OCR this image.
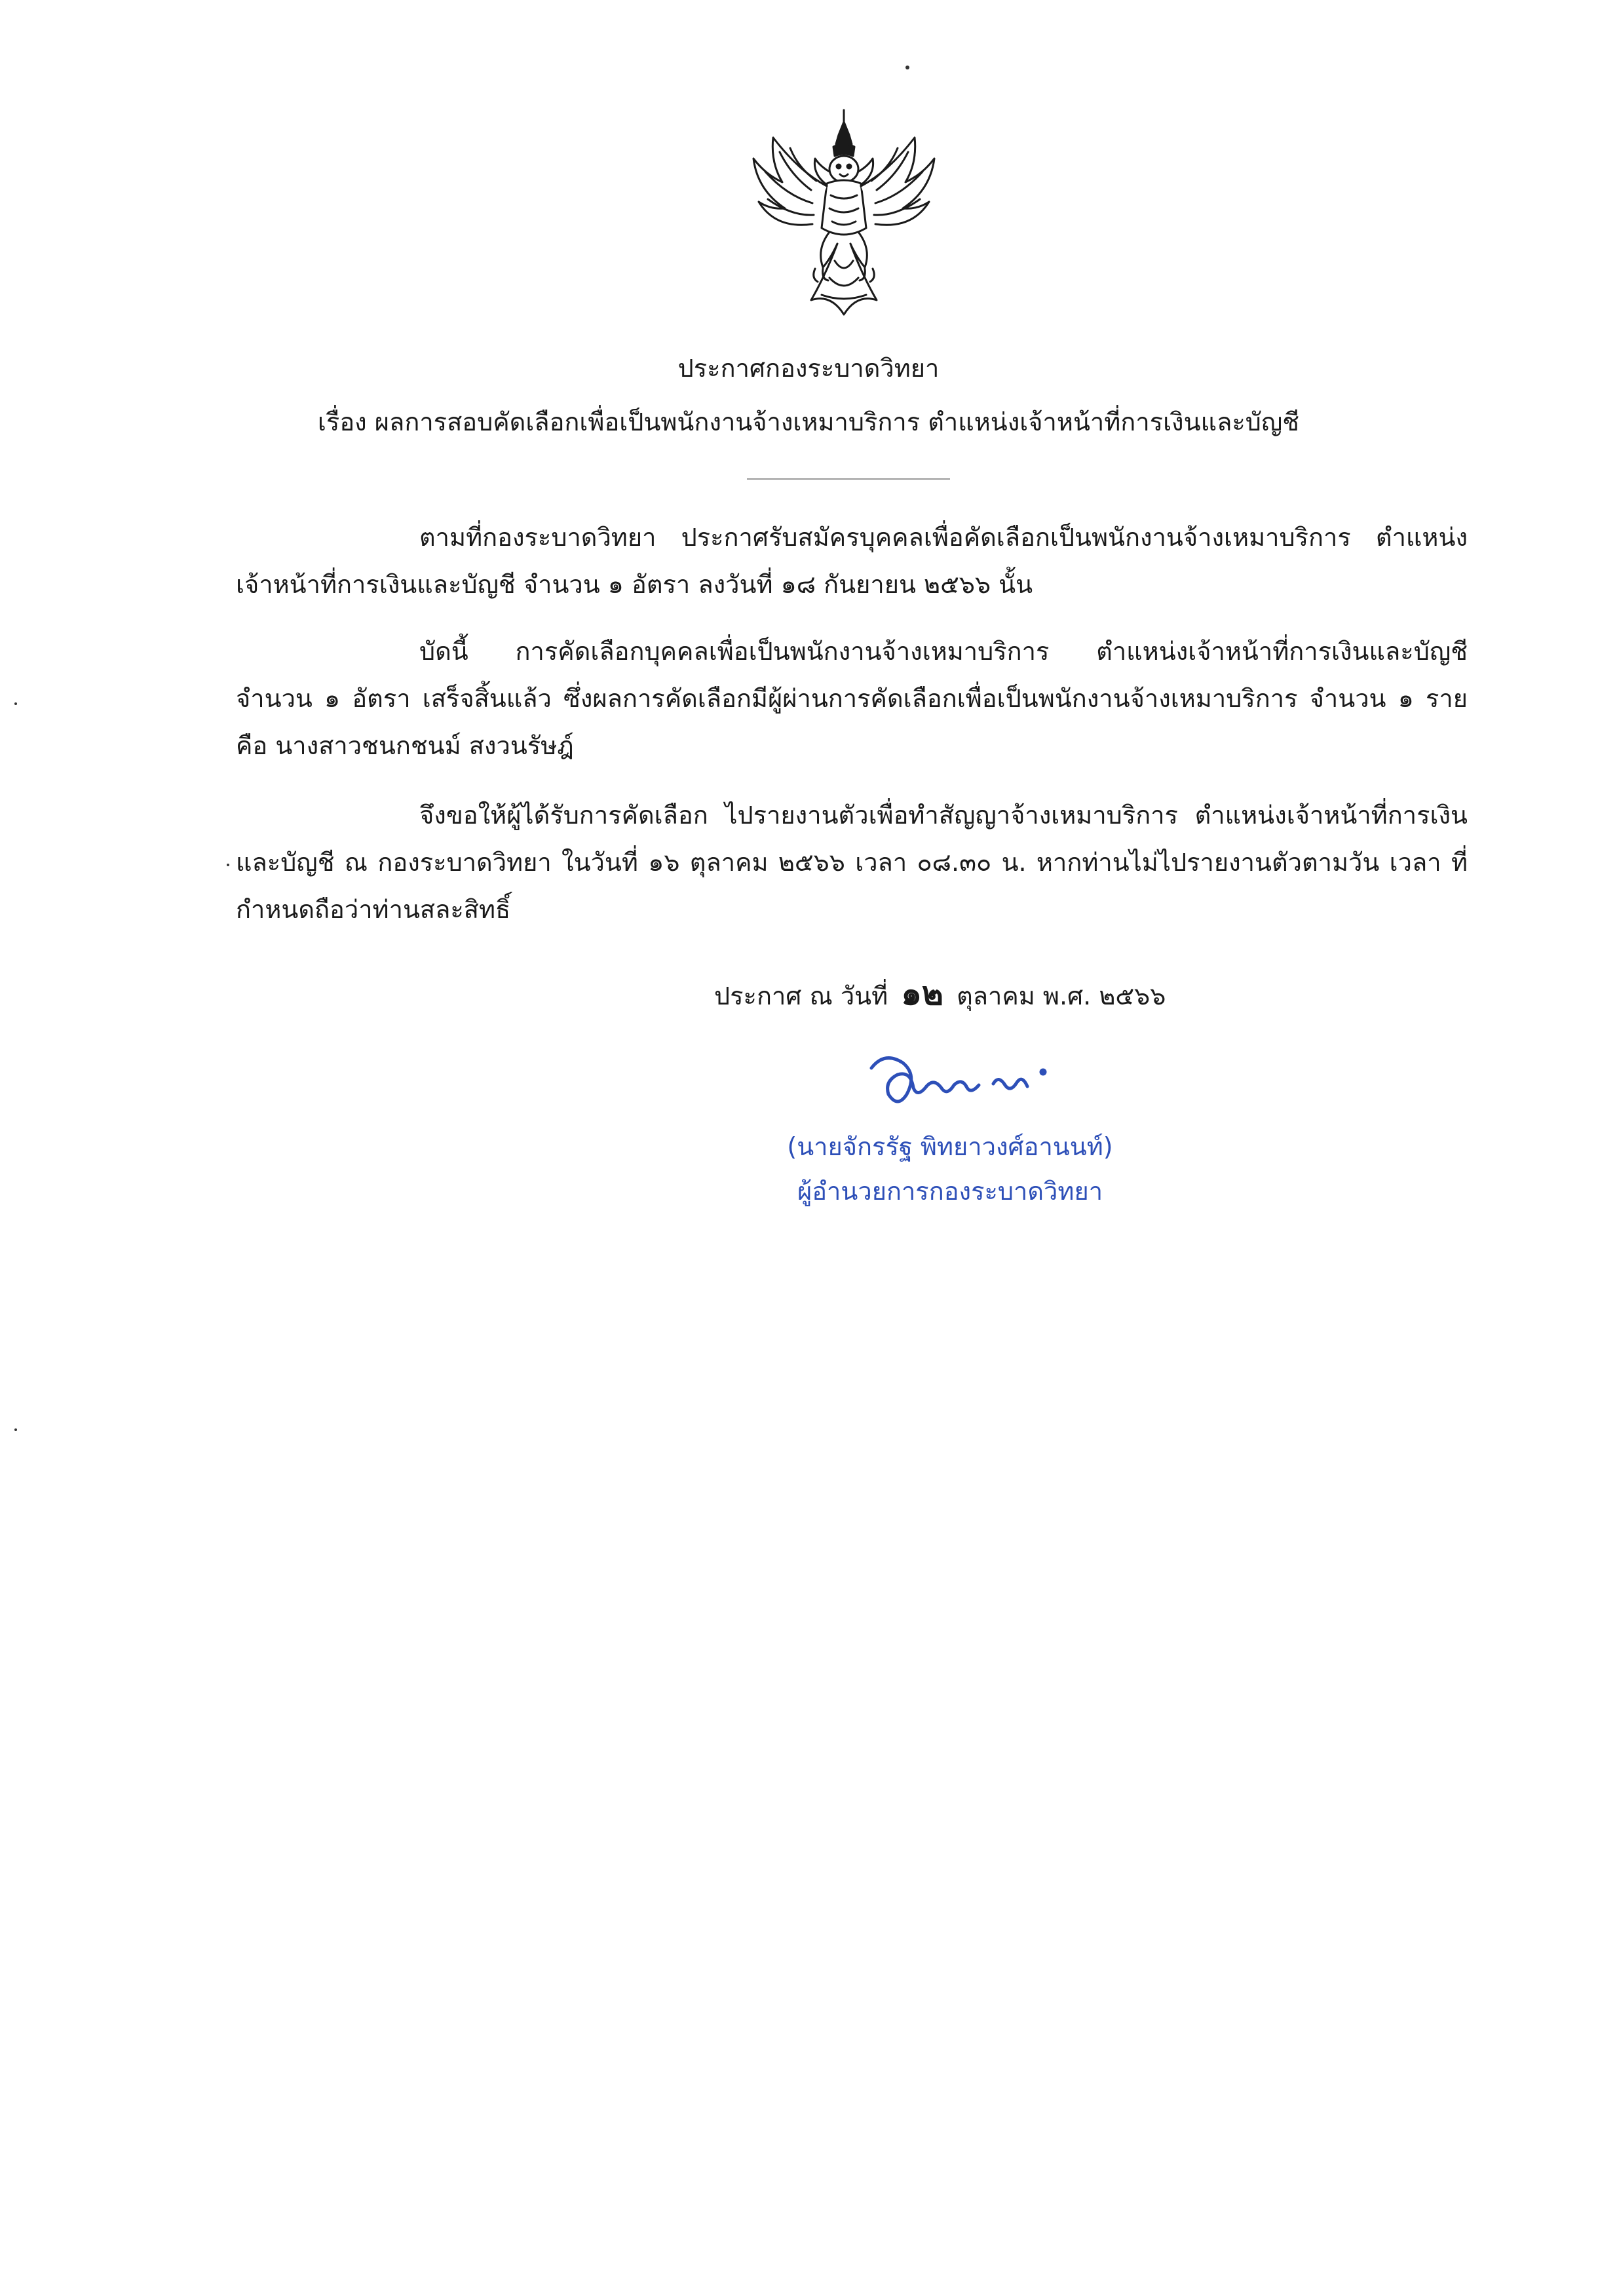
ประกาศกองระบาดวิทยา
เรื่อง ผลการสอบคัดเลือกเพื่อเป็นพนักงานจ้างเหมาบริการ ตำแหน่งเจ้าหน้าที่การเงินและบัญชี
ตามที่กองระบาดวิทยา ประกาศรับสมัครบุคคลเพื่อคัดเลือกเป็นพนักงานจ้างเหมาบริการ ตำแหน่งเจ้าหน้าที่การเงินและบัญชี จำนวน ๑ อัตรา ลงวันที่ ๑๘ กันยายน ๒๕๖๖ นั้น
บัดนี้ การคัดเลือกบุคคลเพื่อเป็นพนักงานจ้างเหมาบริการ ตำแหน่งเจ้าหน้าที่การเงินและบัญชี จำนวน ๑ อัตรา เสร็จสิ้นแล้ว ซึ่งผลการคัดเลือกมีผู้ผ่านการคัดเลือกเพื่อเป็นพนักงานจ้างเหมาบริการ จำนวน ๑ ราย คือ นางสาวชนกชนม์ สงวนรัษฎ์
จึงขอให้ผู้ได้รับการคัดเลือก ไปรายงานตัวเพื่อทำสัญญาจ้างเหมาบริการ ตำแหน่งเจ้าหน้าที่การเงินและบัญชี ณ กองระบาดวิทยา ในวันที่ ๑๖ ตุลาคม ๒๕๖๖ เวลา ๐๘.๓๐ น. หากท่านไม่ไปรายงานตัวตามวัน เวลา ที่กำหนดถือว่าท่านสละสิทธิ์
ประกาศ ณ วันที่ ๑๒ ตุลาคม พ.ศ. ๒๕๖๖
(นายจักรรัฐ พิทยาวงศ์อานนท์)
ผู้อำนวยการกองระบาดวิทยา
